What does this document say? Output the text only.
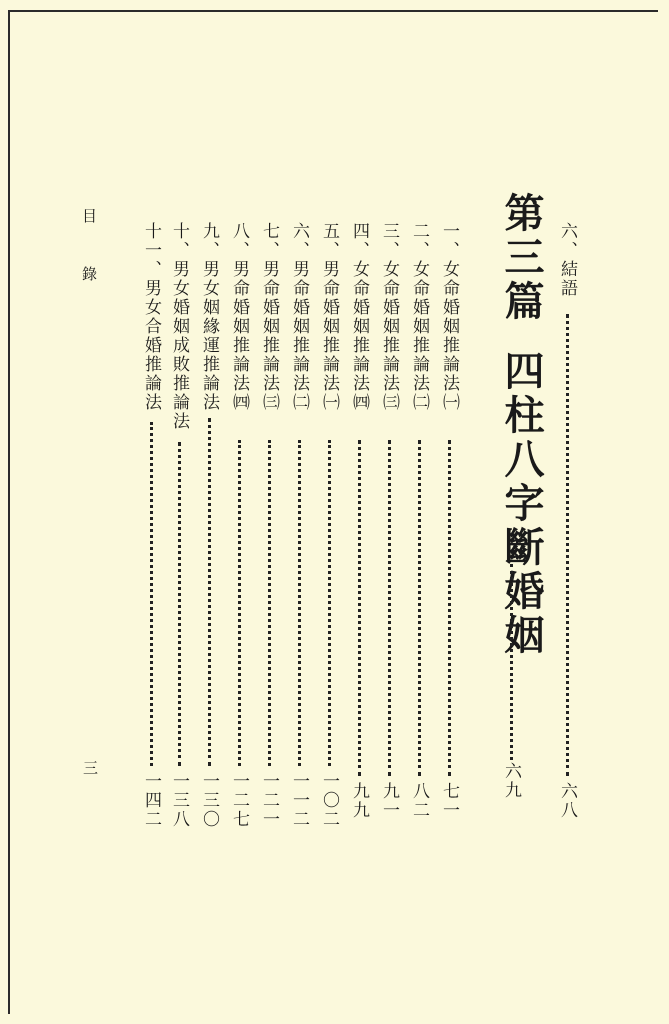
六、結語
六八
第三篇四柱八字斷婚姻
六九
一、女命婚姻推論法㈠
七一
二、女命婚姻推論法㈡
八二
三、女命婚姻推論法㈢
九一
四、女命婚姻推論法㈣
九九
五、男命婚姻推論法㈠
一〇二
六、男命婚姻推論法㈡
一一二
七、男命婚姻推論法㈢
一二一
八、男命婚姻推論法㈣
一二七
九、男女姻緣運推論法
一三〇
十、男女婚姻成敗推論法
一三八
十一、男女合婚推論法
一四二
目　錄
三
